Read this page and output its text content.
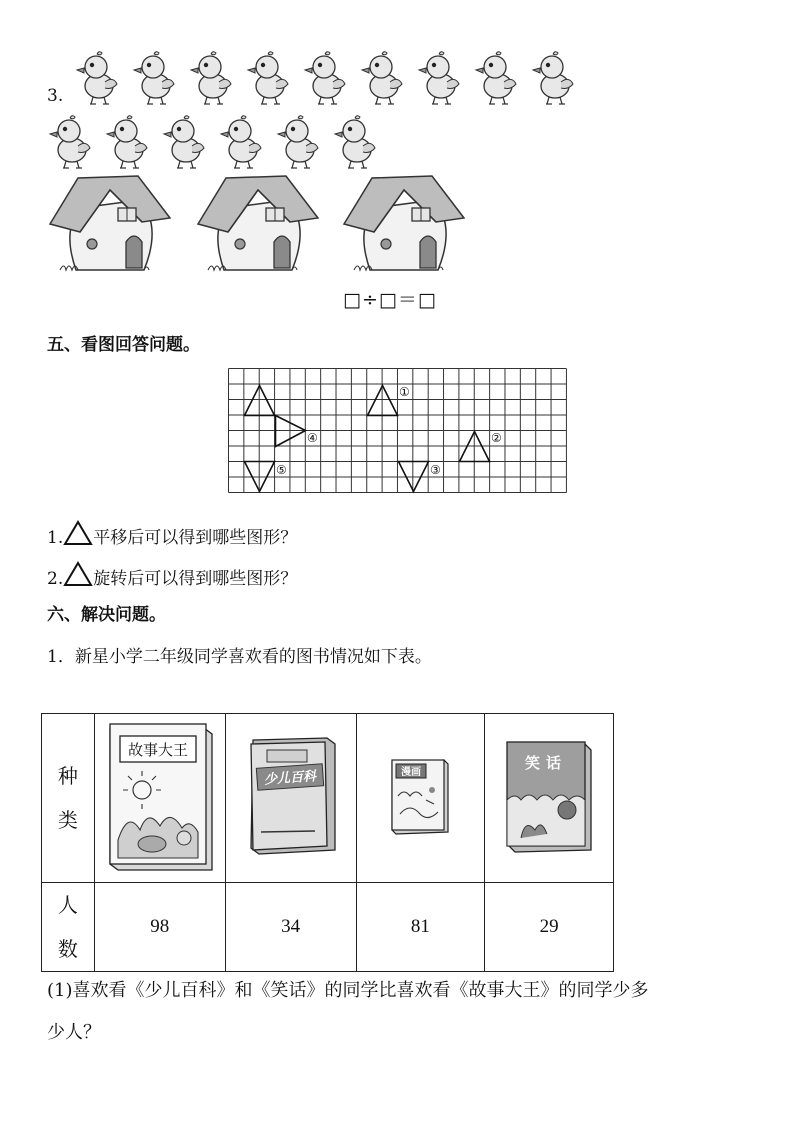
3.
□÷□＝□
五、看图回答问题。
①
②
③
④
⑤
1. 平移后可以得到哪些图形？
2. 旋转后可以得到哪些图形？
六、解决问题。
1．新星小学二年级同学喜欢看的图书情况如下表。
种
类	故事大王	少儿百科	漫画	笑话

人
数	98	34	81	29
(1)喜欢看《少儿百科》和《笑话》的同学比喜欢看《故事大王》的同学少多
少人？
